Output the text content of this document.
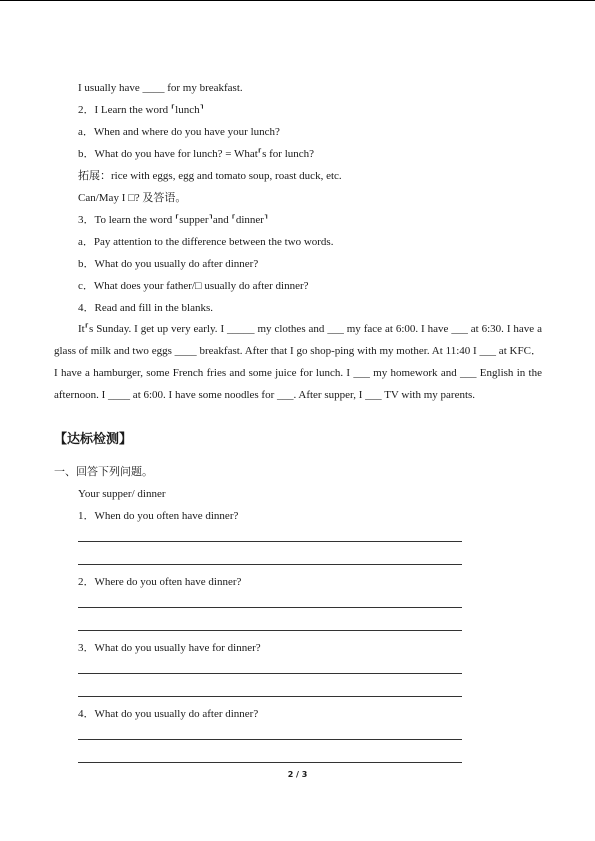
I usually have ____ for my breakfast.
2．I Learn the word ⸢lunch⸣
a．When and where do you have your lunch?
b．What do you have for lunch? = What⸢s for lunch?
拓展：rice with eggs, egg and tomato soup, roast duck, etc.
Can/May I □? 及答语。
3．To learn the word ⸢supper⸣and ⸢dinner⸣
a．Pay attention to the difference between the two words.
b．What do you usually do after dinner?
c．What does your father/□ usually do after dinner?
4．Read and fill in the blanks.
It⸢s Sunday. I get up very early. I _____ my clothes and ___ my face at 6:00. I have ___ at 6:30. I have a glass of milk and two eggs ____ breakfast. After that I go shop-ping with my mother. At 11:40 I ___ at KFC．I have a hamburger, some French fries and some juice for lunch. I ___ my homework and ___ English in the afternoon. I ____ at 6:00. I have some noodles for ___. After supper, I ___ TV with my parents.
【达标检测】
一、回答下列问题。
Your supper/ dinner
1．When do you often have dinner?
2．Where do you often have dinner?
3．What do you usually have for dinner?
4．What do you usually do after dinner?
2 / 3
